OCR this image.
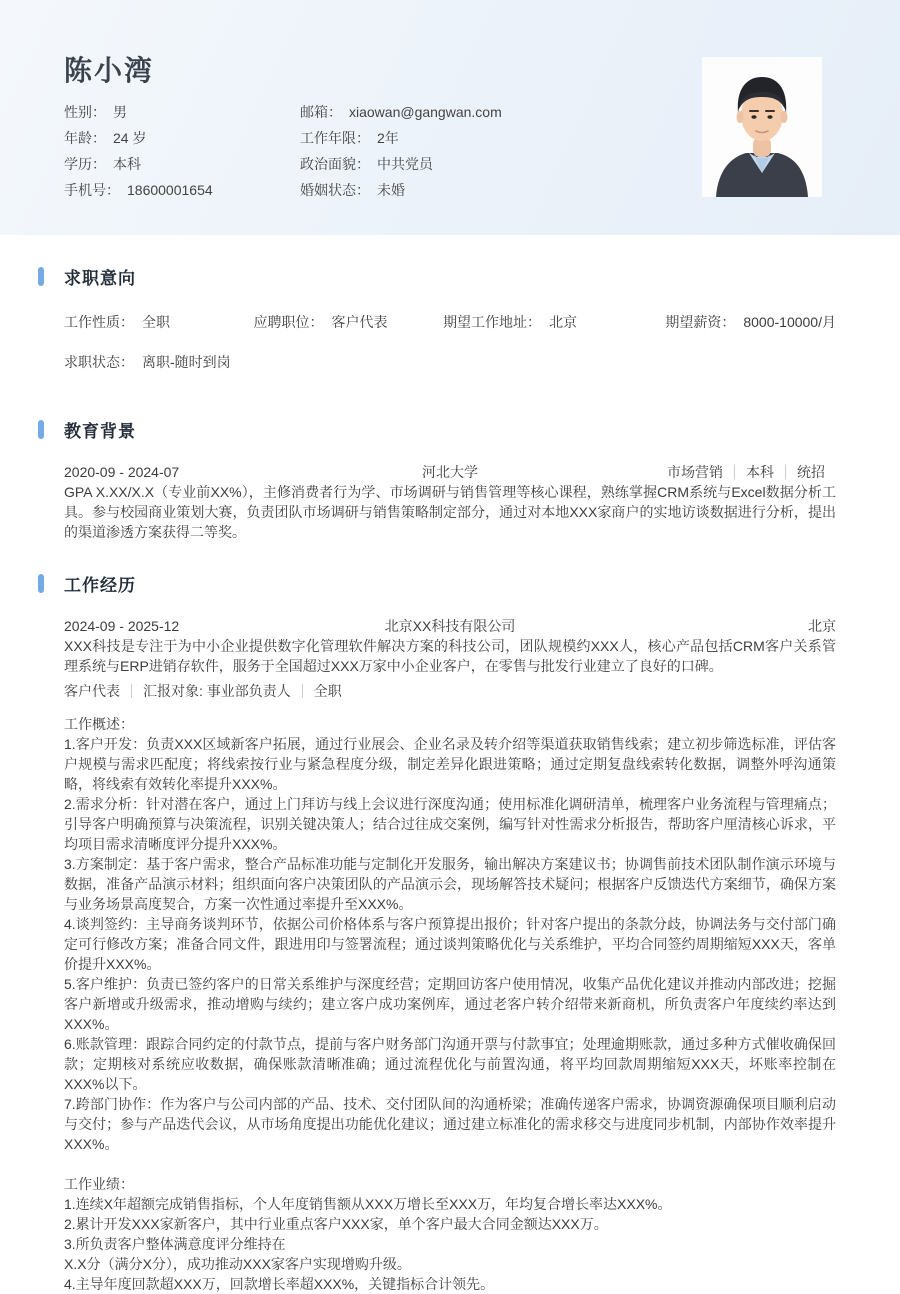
陈小湾
性别： 男
年龄： 24 岁
学历： 本科
手机号： 18600001654
邮箱： xiaowan@gangwan.com
工作年限： 2年
政治面貌： 中共党员
婚姻状态： 未婚
求职意向
工作性质： 全职	应聘职位： 客户代表	期望工作地址： 北京	期望薪资： 8000-10000/月
求职状态： 离职-随时到岗
教育背景
2020-09 - 2024-07	河北大学	市场营销	本科	统招

GPA X.XX/X.X（专业前XX%），主修消费者行为学、市场调研与销售管理等核心课程，熟练掌握CRM系统与Excel数据分析工具。参与校园商业策划大赛，负责团队市场调研与销售策略制定部分，通过对本地XXX家商户的实地访谈数据进行分析，提出的渠道渗透方案获得二等奖。

工作经历
2024-09 - 2025-12	北京XX科技有限公司	北京

XXX科技是专注于为中小企业提供数字化管理软件解决方案的科技公司，团队规模约XXX人，核心产品包括CRM客户关系管理系统与ERP进销存软件，服务于全国超过XXX万家中小企业客户，在零售与批发行业建立了良好的口碑。

客户代表	汇报对象: 事业部负责人	全职
工作概述：

1.客户开发：负责XXX区域新客户拓展，通过行业展会、企业名录及转介绍等渠道获取销售线索；建立初步筛选标准，评估客户规模与需求匹配度；将线索按行业与紧急程度分级，制定差异化跟进策略；通过定期复盘线索转化数据，调整外呼沟通策略，将线索有效转化率提升XXX%。

2.需求分析：针对潜在客户，通过上门拜访与线上会议进行深度沟通；使用标准化调研清单，梳理客户业务流程与管理痛点；引导客户明确预算与决策流程，识别关键决策人；结合过往成交案例，编写针对性需求分析报告，帮助客户厘清核心诉求，平均项目需求清晰度评分提升XXX%。

3.方案制定：基于客户需求，整合产品标准功能与定制化开发服务，输出解决方案建议书；协调售前技术团队制作演示环境与数据，准备产品演示材料；组织面向客户决策团队的产品演示会，现场解答技术疑问；根据客户反馈迭代方案细节，确保方案与业务场景高度契合，方案一次性通过率提升至XXX%。

4.谈判签约：主导商务谈判环节，依据公司价格体系与客户预算提出报价；针对客户提出的条款分歧，协调法务与交付部门确定可行修改方案；准备合同文件，跟进用印与签署流程；通过谈判策略优化与关系维护，平均合同签约周期缩短XXX天，客单价提升XXX%。

5.客户维护：负责已签约客户的日常关系维护与深度经营；定期回访客户使用情况，收集产品优化建议并推动内部改进；挖掘客户新增或升级需求，推动增购与续约；建立客户成功案例库，通过老客户转介绍带来新商机，所负责客户年度续约率达到XXX%。

6.账款管理：跟踪合同约定的付款节点，提前与客户财务部门沟通开票与付款事宜；处理逾期账款，通过多种方式催收确保回款；定期核对系统应收数据，确保账款清晰准确；通过流程优化与前置沟通，将平均回款周期缩短XXX天，坏账率控制在XXX%以下。

7.跨部门协作：作为客户与公司内部的产品、技术、交付团队间的沟通桥梁；准确传递客户需求，协调资源确保项目顺利启动与交付；参与产品迭代会议，从市场角度提出功能优化建议；通过建立标准化的需求移交与进度同步机制，内部协作效率提升XXX%。

工作业绩：

1.连续X年超额完成销售指标，个人年度销售额从XXX万增长至XXX万，年均复合增长率达XXX%。

2.累计开发XXX家新客户，其中行业重点客户XXX家，单个客户最大合同金额达XXX万。

3.所负责客户整体满意度评分维持在

X.X分（满分X分），成功推动XXX家客户实现增购升级。

4.主导年度回款超XXX万，回款增长率超XXX%，关键指标合计领先。
